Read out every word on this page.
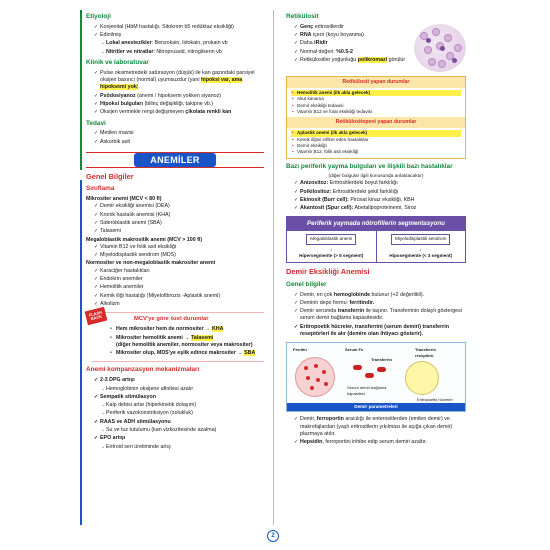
Etiyoloji
✓ Konjenital (HbM hastalığı, Sitokrom b5 redüktaz eksikliği)
✓ Edinilmiş
→ Lokal anestezikler: Benzokain, lidokain, prokain vb
→ Nitritler ve nitratlar: Nitroprussid, nitrogliserin vb
Klinik ve laboratuvar
✓ Pulse oksimetredeki satürasyon (düşük) ile kan gazındaki parsiyel oksijen basıncı (normal) uyumsuzdur (yani hipoksi var, ama hipoksemi yok)
✓ Psödosiyanoz (anemi / hipoksemi yokken siyanoz)
✓ Hipoksi bulguları (bilinç değişikliği, takipne vb.)
✓ Oksijen vermekle rengi değişmeyen çikolata renkli kan
Tedavi
✓ Metilen mavisi
✓ Askorbik asit
ANEMİLER
Genel Bilgiler
Sınıflama
Mikrositer anemi (MCV < 80 fl)
✓ Demir eksikliği anemisi (DEA)
✓ Kronik hastalık anemisi (KHA)
✓ Sideroblastik anemi (SBA)
✓ Talasemi
Megaloblastik makrositik anemi (MCV > 100 fl)
✓ Vitamin B12 ve folik asit eksikliği
✓ Miyelodisplastik sendrom (MDS)
Normositer ve non-megaloblastik makrositer anemi
✓ Karaciğer hastalıkları
✓ Endokrin anemiler
✓ Hemolitik anemiler
✓ Kemik iliği hastalığı (Miyelofibrozis -Aplastik anemi)
✓ Alkolizm
FLASH BACK	MCV'ye göre özel durumlar
• Hem mikrositer hem de normositer → KHA
• Mikrositer hemolitik anemi → Talasemi
(diğer hemolitik anemiler, normositer veya makrositer)
• Mikrositer olup, MDS'ye eşlik edince makrositer → SBA
Anemi kompanzasyon mekanizmaları
✓ 2-3 DPG artışı
→ Hemoglobinin oksijene afinitesi azalır
✓ Sempatik stimülasyon
→ Kalp debisi artar (hiperkinetik dolaşım)
→ Periferik vazokonstriksiyon (solukluk)
✓ RAAS ve ADH stimülasyonu
→ Su ve tuz tutulumu (kan vizkozitesinde azalma)
✓ EPO artışı
→ Eritroid seri üretiminde artış
Retikülosit
✓ Genç eritrositlerdir
✓ RNA içerir (koyu boyanma)
✓ Daha iRidir
✓ Normal değeri: %0.5-2
✓ Retikülositler yoğunluğu polikromazi görülür
Retikülosit yapan durumlar
• Hemolitik anemi (ilk akla gelecek)
• Akut kanama
• Demir eksikliği tedavisi
• Vitamin B12 ve folat eksikliği tedavisi
Retikülositopeni yapan durumlar
• Aplastik anemi (ilk akla gelecek)
• Kemik iliğini infiltre eden hastalıklar
• Demir eksikliği
• Vitamin B12, folik asit eksikliği
Bazı periferik yayma bulguları ve ilişkili bazı hastalıklar
(diğer bulgular ilgili konusunda anlatılacaktır)
✓ Anizositoz: Eritrositlerdeki boyut farklılığı
✓ Poikilositoz: Eritrositlerdeki şekil farklılığı
✓ Ekinosit (Burr cell): Pirüvat kinaz eksikliği, KBH
✓ Akantosit (Spur cell): Abetalipoproteinemi, Siroz
Periferik yaymada nötrofillerin segmentasyonu
Megaloblastik anemi
↓
Hipersegmente (> 5 segment)
Miyelodisplastik sendrom
↓
Hiposegmente (< 3 segment)
Demir Eksikliği Anemisi
Genel bilgiler
✓ Demir, en çok hemoglobinde bulunur (+2 değerlikli).
✓ Demirin depo formu: ferritindir.
✓ Demir serumda transferrin ile taşınır. Transferrinin dolaylı göstergesi serum demir bağlama kapasitesidir.
✓ Eritropoetik hücreler, transferrini (serum demiri) transferrin reseptörleri ile alır (demire olan ihtiyacı gösterir).
Ferritin	Serum Fe
Transferrin
Transferrin reseptörü
Serum demir bağlama kapasitesi
Eritropoetik hücreler
Demir parametreleri
✓ Demir, ferroportin aracılığı ile enterositlerden (emilen demir) ve makrofajlardan (yaşlı eritrositlerin yıkılması ile açığa çıkan demir) plazmaya atılır.
✓ Hepsidin, ferroportini inhibe edip serum demiri azaltır.
2
